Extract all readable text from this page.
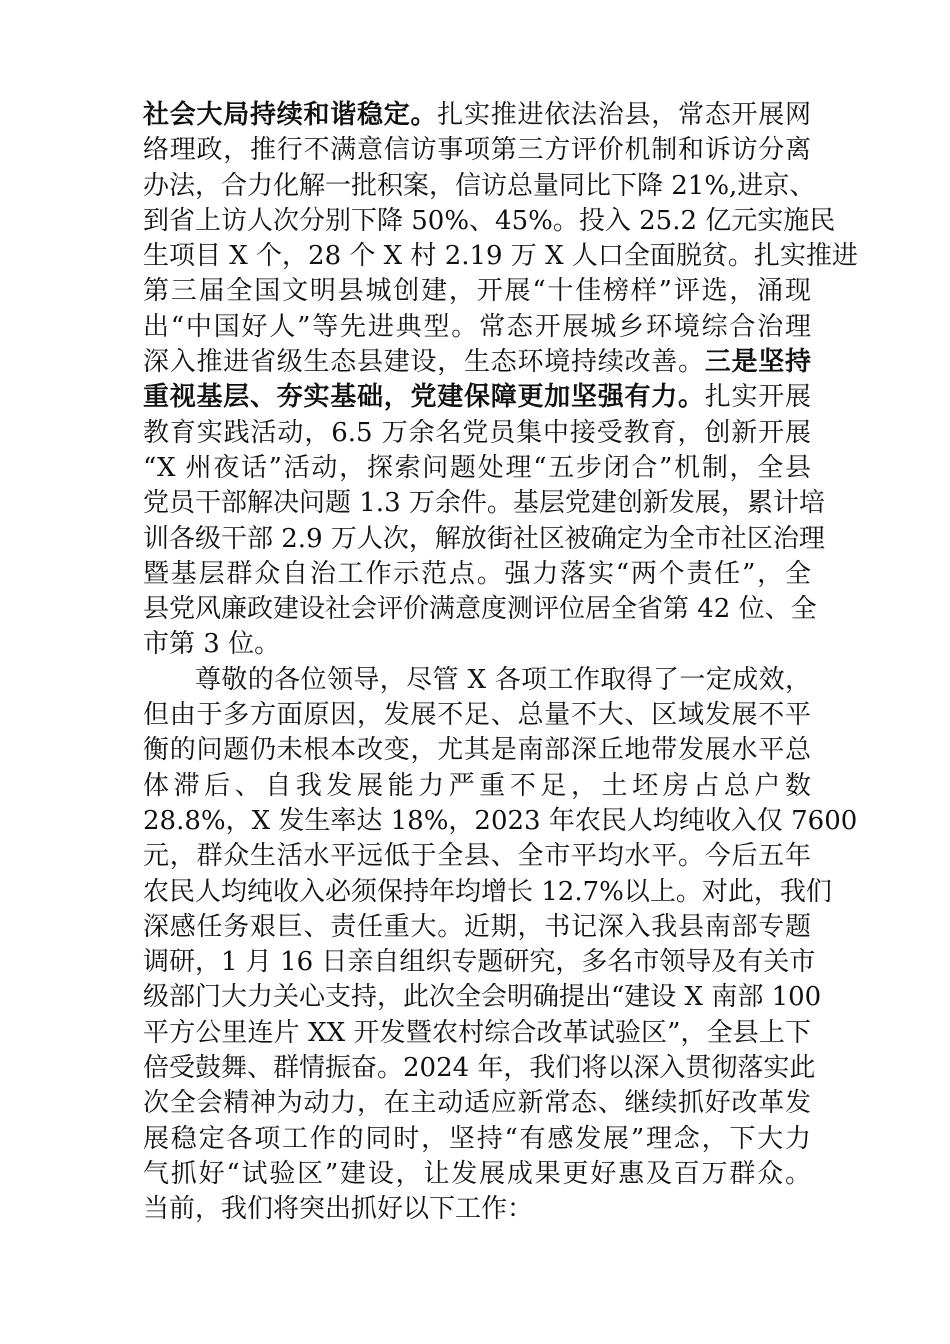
社会大局持续和谐稳定。扎实推进依法治县，常态开展网
络理政，推行不满意信访事项第三方评价机制和诉访分离
办法，合力化解一批积案，信访总量同比下降 21%,进京、
到省上访人次分别下降 50%、45%。投入 25.2 亿元实施民
生项目 X 个，28 个 X 村 2.19 万 X 人口全面脱贫。扎实推进
第三届全国文明县城创建，开展“十佳榜样”评选，涌现
出“中国好人”等先进典型。常态开展城乡环境综合治理
深入推进省级生态县建设，生态环境持续改善。三是坚持
重视基层、夯实基础，党建保障更加坚强有力。扎实开展
教育实践活动，6.5 万余名党员集中接受教育，创新开展
“X 州夜话”活动，探索问题处理“五步闭合”机制，全县
党员干部解决问题 1.3 万余件。基层党建创新发展，累计培
训各级干部 2.9 万人次，解放街社区被确定为全市社区治理
暨基层群众自治工作示范点。强力落实“两个责任”，全
县党风廉政建设社会评价满意度测评位居全省第 42 位、全
市第 3 位。
尊敬的各位领导，尽管 X 各项工作取得了一定成效，
但由于多方面原因，发展不足、总量不大、区域发展不平
衡的问题仍未根本改变，尤其是南部深丘地带发展水平总
体滞后、自我发展能力严重不足，土坯房占总户数
28.8%，X 发生率达 18%，2023 年农民人均纯收入仅 7600
元，群众生活水平远低于全县、全市平均水平。今后五年
农民人均纯收入必须保持年均增长 12.7%以上。对此，我们
深感任务艰巨、责任重大。近期，书记深入我县南部专题
调研，1 月 16 日亲自组织专题研究，多名市领导及有关市
级部门大力关心支持，此次全会明确提出“建设 X 南部 100
平方公里连片 XX 开发暨农村综合改革试验区”，全县上下
倍受鼓舞、群情振奋。2024 年，我们将以深入贯彻落实此
次全会精神为动力，在主动适应新常态、继续抓好改革发
展稳定各项工作的同时，坚持“有感发展”理念，下大力
气抓好“试验区”建设，让发展成果更好惠及百万群众。
当前，我们将突出抓好以下工作：
